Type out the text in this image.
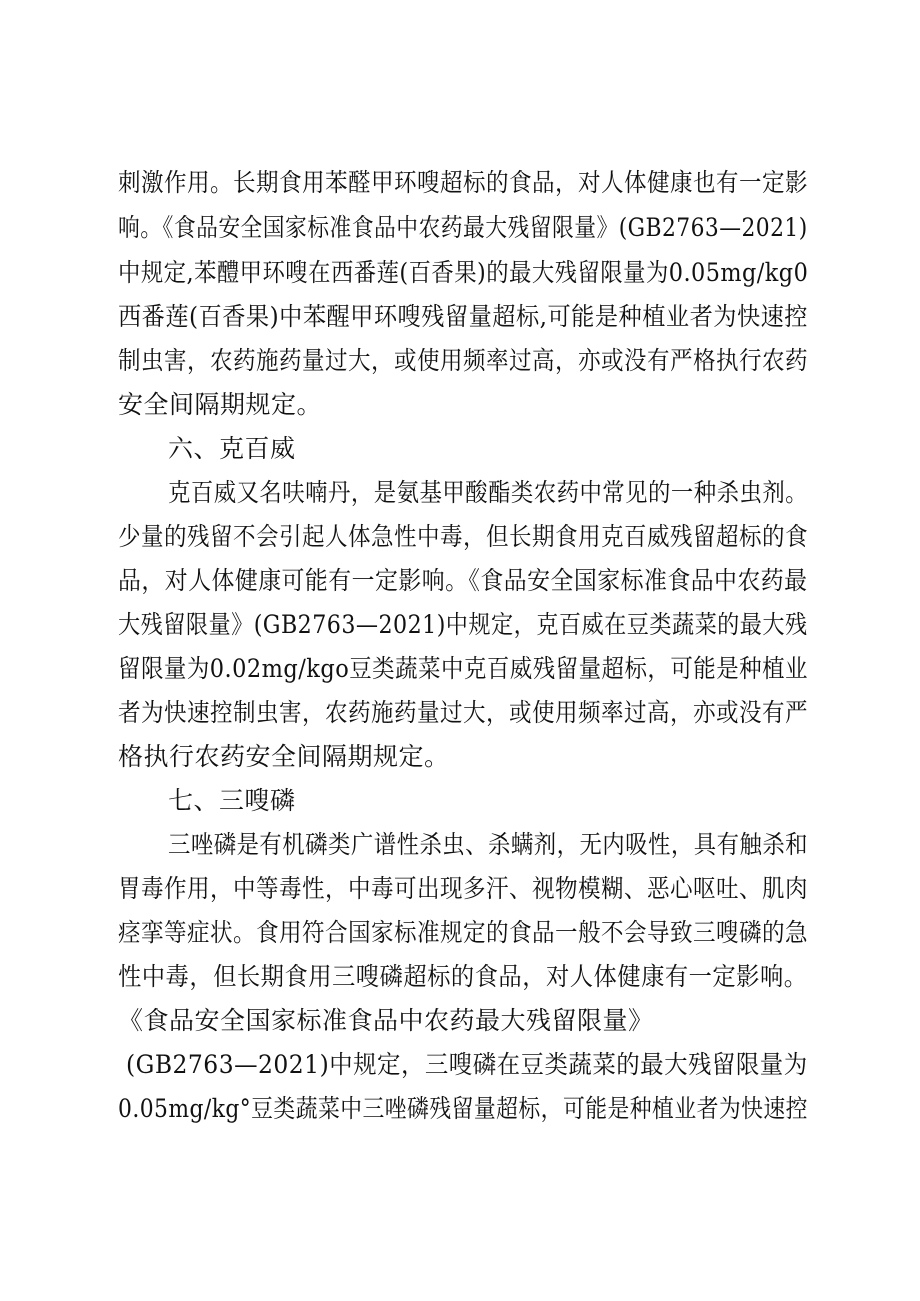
刺激作用。长期食用苯醛甲环嗖超标的食品，对人体健康也有一定影
响。《食品安全国家标准食品中农药最大残留限量》(GB2763—2021)
中规定,苯醴甲环嗖在西番莲(百香果)的最大残留限量为0.05mg∕kg0
西番莲(百香果)中苯醒甲环嗖残留量超标,可能是种植业者为快速控
制虫害，农药施药量过大，或使用频率过高，亦或没有严格执行农药
安全间隔期规定。
六、克百威
克百威又名呋喃丹，是氨基甲酸酯类农药中常见的一种杀虫剂。
少量的残留不会引起人体急性中毒，但长期食用克百威残留超标的食
品，对人体健康可能有一定影响。《食品安全国家标准食品中农药最
大残留限量》(GB2763—2021)中规定，克百威在豆类蔬菜的最大残
留限量为0.02mg∕kgo豆类蔬菜中克百威残留量超标，可能是种植业
者为快速控制虫害，农药施药量过大，或使用频率过高，亦或没有严
格执行农药安全间隔期规定。
七、三嗖磷
三唑磷是有机磷类广谱性杀虫、杀螨剂，无内吸性，具有触杀和
胃毒作用，中等毒性，中毒可出现多汗、视物模糊、恶心呕吐、肌肉
痉挛等症状。食用符合国家标准规定的食品一般不会导致三嗖磷的急
性中毒，但长期食用三嗖磷超标的食品，对人体健康有一定影响。
《食品安全国家标准食品中农药最大残留限量》
(GB2763—2021)中规定，三嗖磷在豆类蔬菜的最大残留限量为
0.05mg∕kg°豆类蔬菜中三唑磷残留量超标，可能是种植业者为快速控
